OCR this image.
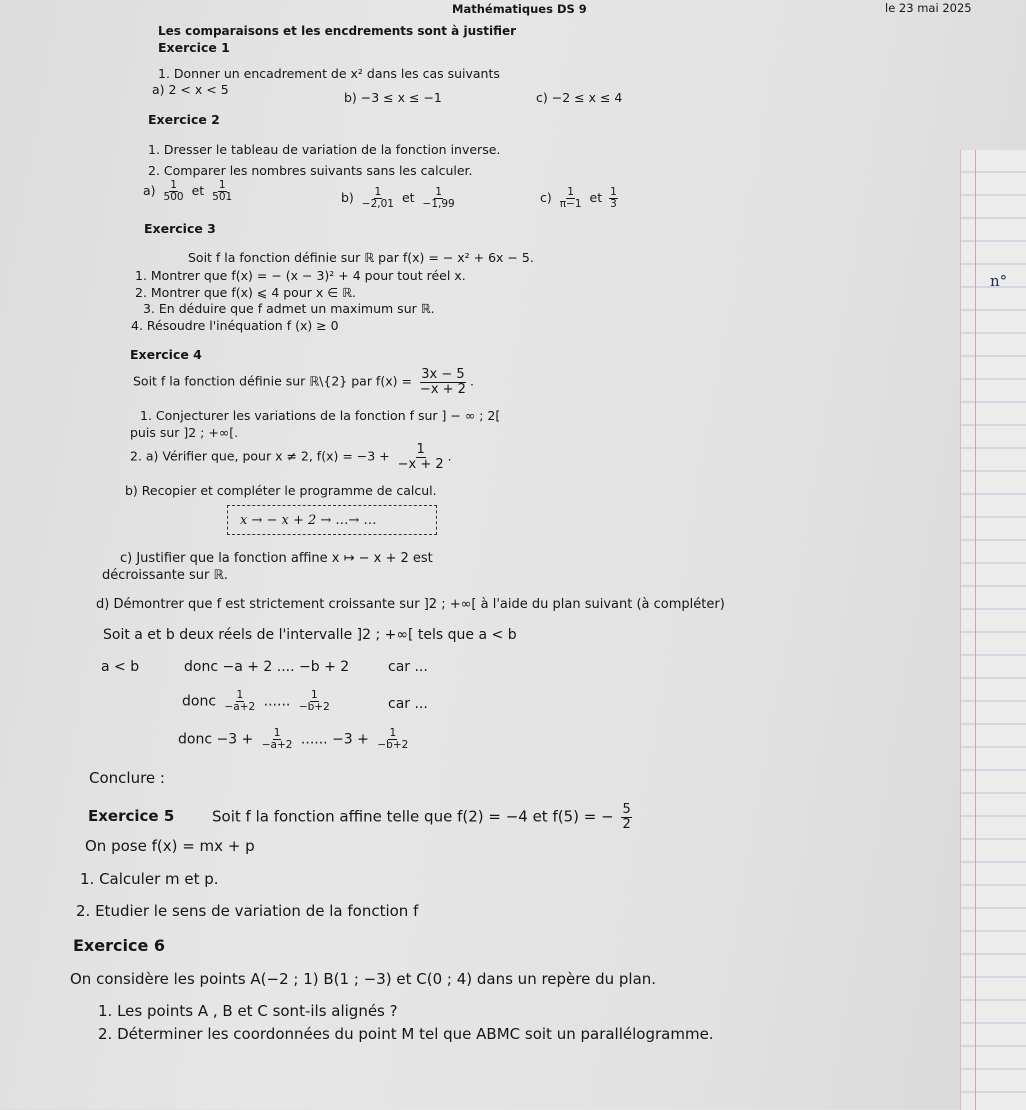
n°
Mathématiques DS 9	le 23 mai 2025
Les comparaisons et les encdrements sont à justifier
Exercice 1
1. Donner un encadrement de x² dans les cas suivants
a) 2 < x < 5
b) −3 ≤ x ≤ −1	c) −2 ≤ x ≤ 4
Exercice 2
1. Dresser le tableau de variation de la fonction inverse.
2. Comparer les nombres suivants sans les calculer.
$a) \frac{1}{500}$ et $\frac{1}{501}$	$b) \frac{1}{-2,01}$ et $\frac{1}{-1,99}$	$c) \frac{1}{\pi-1}$ et $\frac{1}{3}$
Exercice 3
Soit f la fonction définie sur ℝ par f(x) = − x² + 6x − 5.
1. Montrer que f(x) = − (x − 3)² + 4 pour tout réel x.
2. Montrer que f(x) ⩽ 4 pour x ∈ ℝ.
3. En déduire que f admet un maximum sur ℝ.
4. Résoudre l'inéquation f (x) ≥ 0
Exercice 4
Soit f la fonction définie sur ℝ\{2} par $f(x) = \frac{3x - 5}{-x + 2}$ .
1. Conjecturer les variations de la fonction f sur ] − ∞ ; 2[
puis sur ]2 ; +∞[.
2. a) Vérifier que, pour x ≠ 2, $f(x) = -3 + \frac{1}{-x + 2}$ .
b) Recopier et compléter le programme de calcul.
x → − x + 2 → …→ …
c) Justifier que la fonction affine x ↦ − x + 2 est
décroissante sur ℝ.
d) Démontrer que f est strictement croissante sur ]2 ; +∞[ à l'aide du plan suivant (à compléter)
Soit a et b deux réels de l'intervalle ]2 ; +∞[ tels que a < b
a < b	donc −a + 2 .... −b + 2	car ...
donc $\frac{1}{-a+2}$ ...... $\frac{1}{-b+2}$	car ...
donc $-3 + \frac{1}{-a+2}$ ...... $-3 + \frac{1}{-b+2}$
Conclure :
Exercice 5	Soit f la fonction affine telle que f(2) = −4 et f(5) = − $\frac{5}{2}$
On pose f(x) = mx + p
1. Calculer m et p.
2. Etudier le sens de variation de la fonction f
Exercice 6
On considère les points A(−2 ; 1) B(1 ; −3) et C(0 ; 4) dans un repère du plan.
1. Les points A , B et C sont-ils alignés ?
2. Déterminer les coordonnées du point M tel que ABMC soit un parallélogramme.
